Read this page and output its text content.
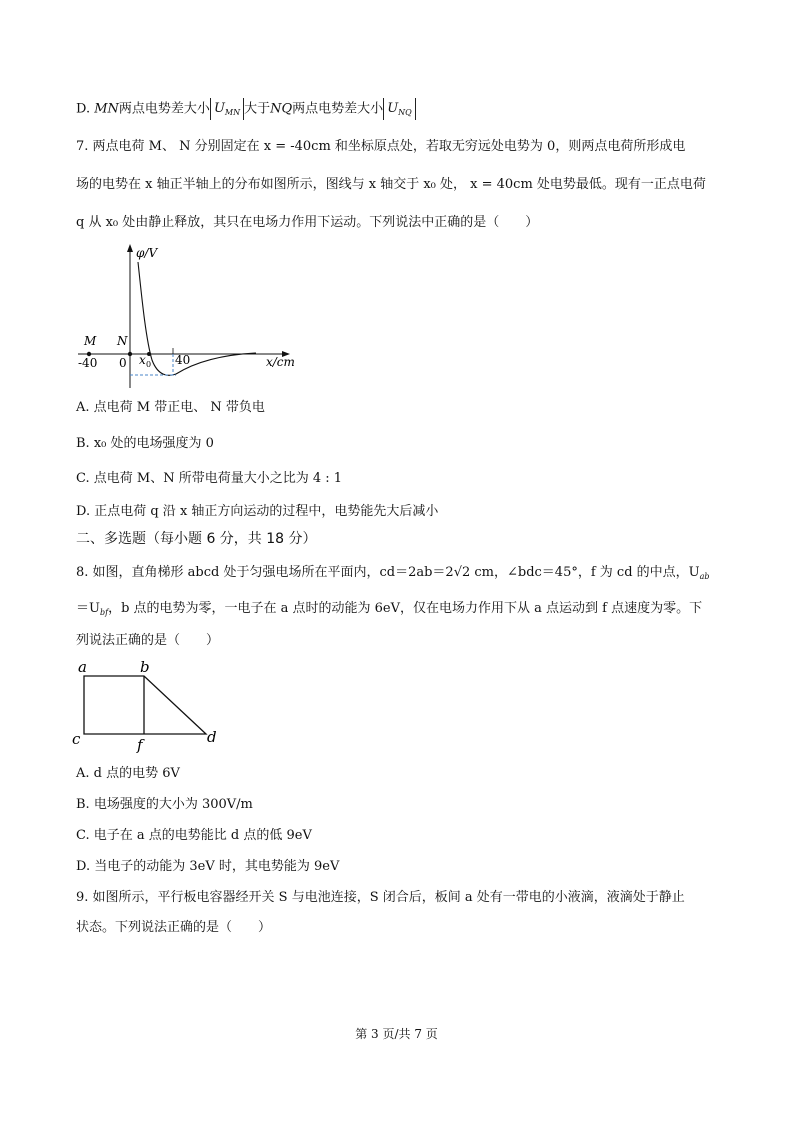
D. MN两点电势差大小 $U_{MN}$ 大于NQ两点电势差大小 $U_{NQ}$
7. 两点电荷 M、 N 分别固定在 x = -40cm 和坐标原点处，若取无穷远处电势为 0，则两点电荷所形成电
场的电势在 x 轴正半轴上的分布如图所示，图线与 x 轴交于 x₀ 处， x = 40cm 处电势最低。现有一正点电荷
q 从 x₀ 处由静止释放，其只在电场力作用下运动。下列说法中正确的是（　　）
φ/V
x/cm
M N
-40 0 x 0 40
A. 点电荷 M 带正电、 N 带负电
B. x₀ 处的电场强度为 0
C. 点电荷 M、N 所带电荷量大小之比为 4 : 1
D. 正点电荷 q 沿 x 轴正方向运动的过程中，电势能先大后减小
二、多选题（每小题 6 分，共 18 分）
8. 如图，直角梯形 abcd 处于匀强电场所在平面内，cd＝2ab＝2√2 cm，∠bdc＝45°，f 为 cd 的中点，$U_{ab}$
$=U_{bf}$，b 点的电势为零，一电子在 a 点时的动能为 6eV，仅在电场力作用下从 a 点运动到 f 点速度为零。下
列说法正确的是（　　）
a	b
c	d
f
A. d 点的电势 6V
B. 电场强度的大小为 300V/m
C. 电子在 a 点的电势能比 d 点的低 9eV
D. 当电子的动能为 3eV 时，其电势能为 9eV
9. 如图所示，平行板电容器经开关 S 与电池连接，S 闭合后，板间 a 处有一带电的小液滴，液滴处于静止
状态。下列说法正确的是（　　）
第 3 页/共 7 页
